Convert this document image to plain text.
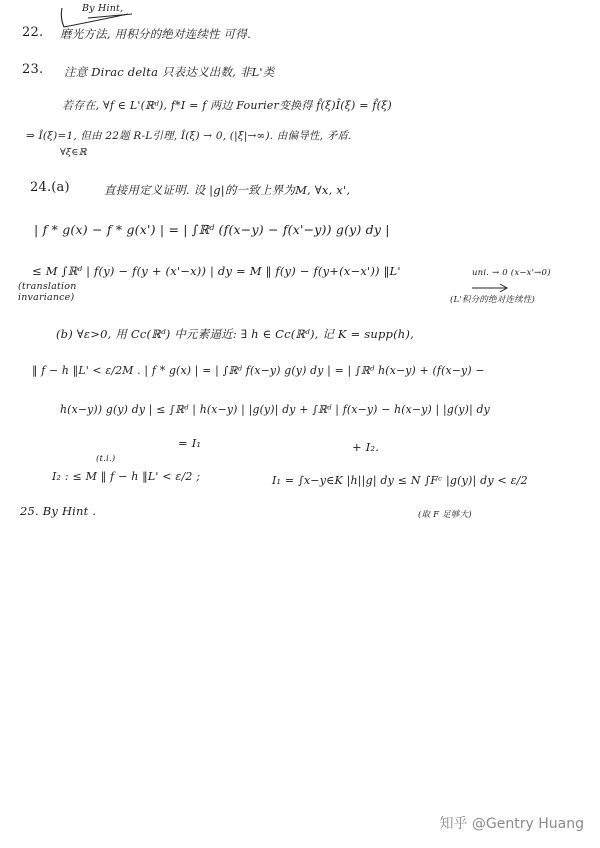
By Hint,
22. 磨光方法, 用积分的绝对连续性 可得.
23. 注意 Dirac delta 只表达义出数, 非L'类
若存在, ∀f ∈ L'(ℝᵈ), f*I = f 两边 Fourier变换得 f̂(ξ)Î(ξ) = f̂(ξ)
⇒ Î(ξ)=1, 但由 22题 R-L引理, Î(ξ) → 0, (|ξ|→∞). 由偏导性, 矛盾.
∀ξ∈ℝ
24.(a)	直接用定义证明. 设 |g|的一致上界为M, ∀x, x',
| f * g(x) − f * g(x') | = | ∫ℝᵈ (f(x−y) − f(x'−y)) g(y) dy |
≤ M ∫ℝᵈ | f(y) − f(y + (x'−x)) | dy = M ‖ f(y) − f(y+(x−x')) ‖L'	uni. → 0 (x−x'→0)
(translation invariance)	(L'积分的绝对连续性)
(b) ∀ε>0, 用 Cc(ℝᵈ) 中元素逼近: ∃ h ∈ Cc(ℝᵈ), 记 K = supp(h),
‖ f − h ‖L' < ε/2M . | f * g(x) | = | ∫ℝᵈ f(x−y) g(y) dy | = | ∫ℝᵈ h(x−y) + (f(x−y) −
h(x−y)) g(y) dy | ≤ ∫ℝᵈ | h(x−y) | |g(y)| dy + ∫ℝᵈ | f(x−y) − h(x−y) | |g(y)| dy
= I₁	+ I₂.
(t.i.)
I₂ : ≤ M ‖ f − h ‖L' < ε/2 ;	I₁ = ∫x−y∈K |h||g| dy ≤ N ∫Fᶜ |g(y)| dy < ε/2
(取 F 足够大)
25. By Hint .
知乎 @Gentry Huang
